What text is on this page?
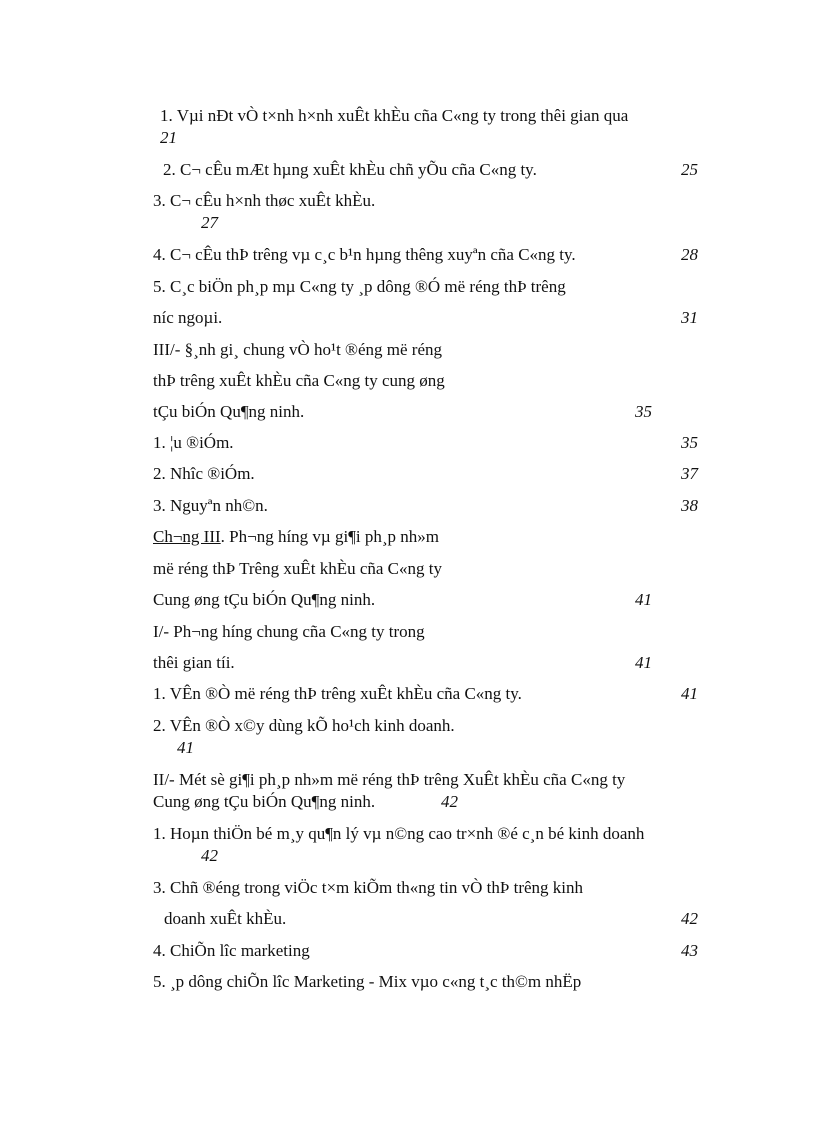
1. Vµi nÐt vÒ t×nh h×nh xuÊt khÈu cña C«ng ty trong thêi gian qua
21
2. C¬ cÊu mÆt hµng xuÊt khÈu chñ yÕu cña C«ng ty.	25
3. C¬ cÊu h×nh thøc xuÊt khÈu.
27
4. C¬ cÊu thÞ trêng vµ c¸c b¹n hµng thêng xuyªn cña C«ng ty.	28
5. C¸c biÖn ph¸p mµ C«ng ty ¸p dông ®Ó më réng thÞ trêng
níc ngoµi.	31
III/- §¸nh gi¸ chung vÒ ho¹t ®éng më réng
thÞ trêng xuÊt khÈu cña C«ng ty cung øng
tÇu biÓn Qu¶ng ninh.	35
1. ¦u ®iÓm.	35
2. Nhîc ®iÓm.	37
3. Nguyªn nh©n.	38
Ch¬ng III. Ph¬ng híng vµ gi¶i ph¸p nh»m
më réng thÞ Trêng xuÊt khÈu cña C«ng ty
Cung øng tÇu biÓn Qu¶ng ninh.	41
I/- Ph¬ng híng chung cña C«ng ty trong
thêi gian tíi.	41
1. VÊn ®Ò më réng thÞ trêng xuÊt khÈu cña C«ng ty.	41
2. VÊn ®Ò x©y dùng kÕ ho¹ch kinh doanh.
41
II/- Mét sè gi¶i ph¸p nh»m më réng thÞ trêng XuÊt khÈu cña C«ng ty
Cung øng tÇu biÓn Qu¶ng ninh.	42
1. Hoµn thiÖn bé m¸y qu¶n lý vµ n©ng cao tr×nh ®é c¸n bé kinh doanh
42
3. Chñ ®éng trong viÖc t×m kiÕm th«ng tin vÒ thÞ trêng kinh
doanh xuÊt khÈu.	42
4. ChiÕn lîc marketing	43
5. ¸p dông chiÕn lîc Marketing - Mix vµo c«ng t¸c th©m nhËp
